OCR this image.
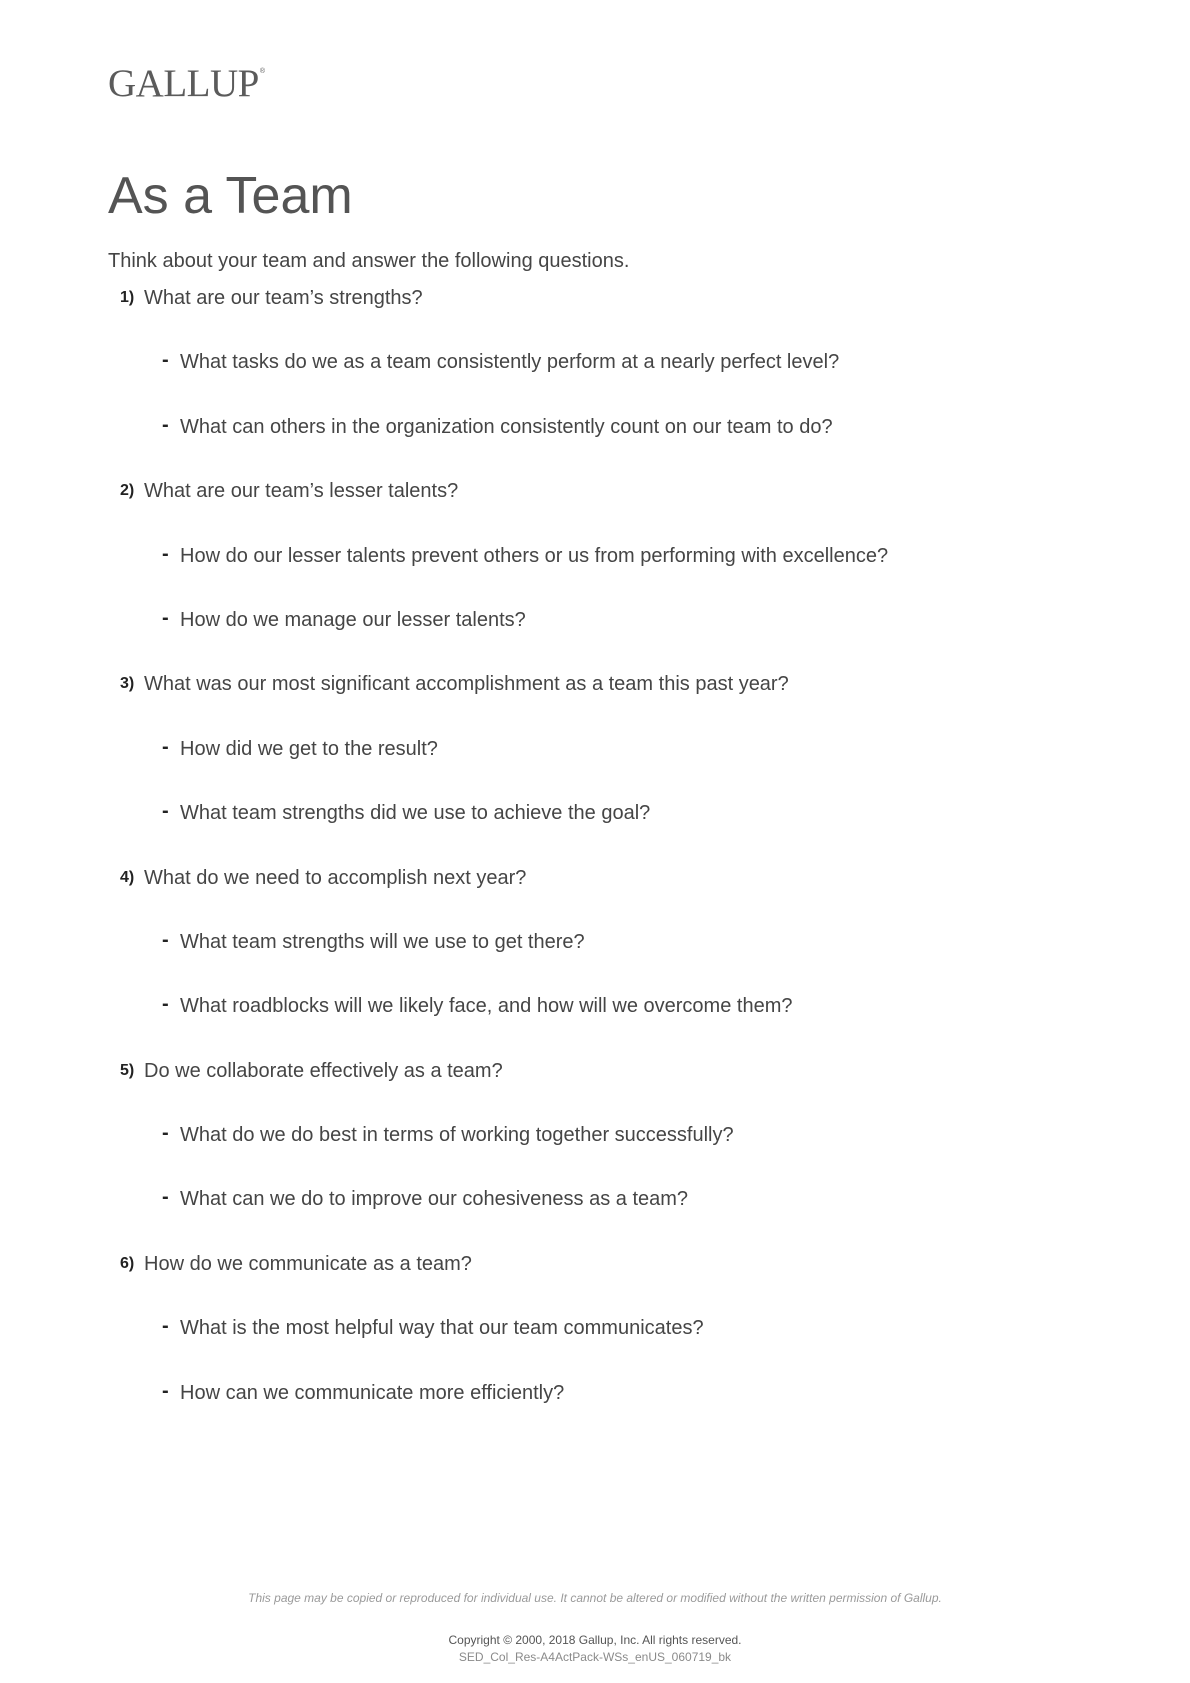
GALLUP®
As a Team

Think about your team and answer the following questions.

1) What are our team’s strengths?
- What tasks do we as a team consistently perform at a nearly perfect level?
- What can others in the organization consistently count on our team to do?
2) What are our team’s lesser talents?
- How do our lesser talents prevent others or us from performing with excellence?
- How do we manage our lesser talents?
3) What was our most significant accomplishment as a team this past year?
- How did we get to the result?
- What team strengths did we use to achieve the goal?
4) What do we need to accomplish next year?
- What team strengths will we use to get there?
- What roadblocks will we likely face, and how will we overcome them?
5) Do we collaborate effectively as a team?
- What do we do best in terms of working together successfully?
- What can we do to improve our cohesiveness as a team?
6) How do we communicate as a team?
- What is the most helpful way that our team communicates?
- How can we communicate more efficiently?
This page may be copied or reproduced for individual use. It cannot be altered or modified without the written permission of Gallup.
Copyright © 2000, 2018 Gallup, Inc. All rights reserved.
SED_Col_Res-A4ActPack-WSs_enUS_060719_bk
